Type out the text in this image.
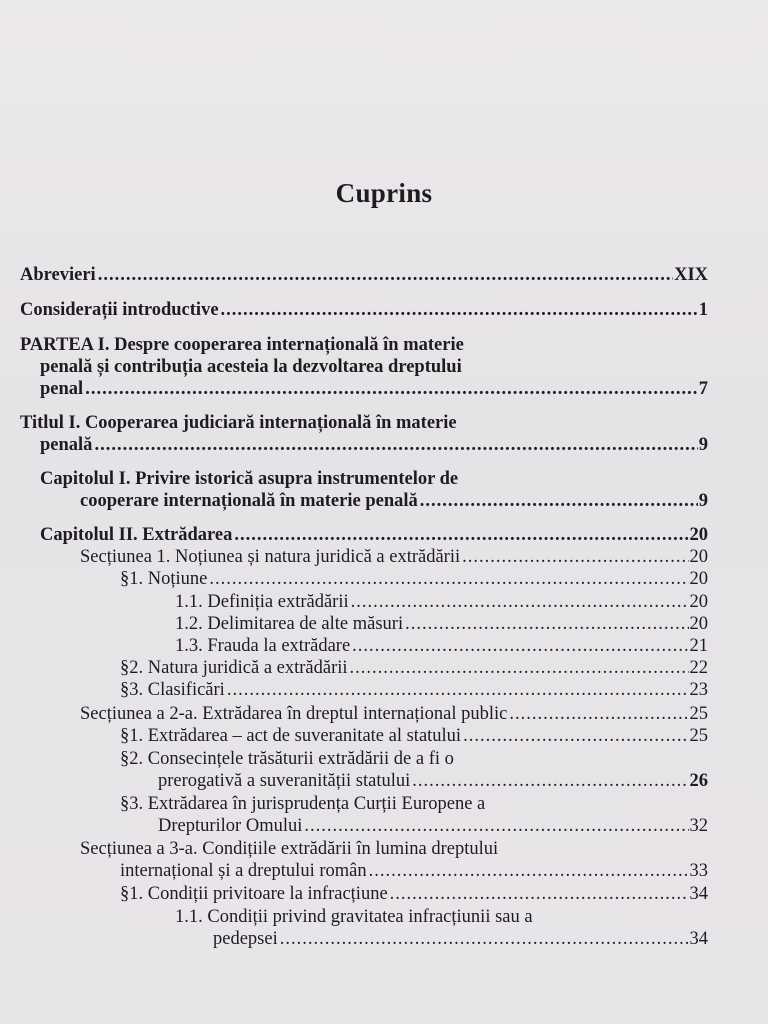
Cuprins
Abrevieri .....	XIX
Considerații introductive .....	1
PARTEA I. Despre cooperarea internațională în materie
penală și contribuția acesteia la dezvoltarea dreptului
penal .....	7
Titlul I. Cooperarea judiciară internațională în materie
penală .....	9
Capitolul I. Privire istorică asupra instrumentelor de
cooperare internațională în materie penală .....	9
Capitolul II. Extrădarea .....	20
Secțiunea 1. Noțiunea și natura juridică a extrădării .....	20
§1. Noțiune .....	20
1.1. Definiția extrădării .....	20
1.2. Delimitarea de alte măsuri .....	20
1.3. Frauda la extrădare .....	21
§2. Natura juridică a extrădării .....	22
§3. Clasificări .....	23
Secțiunea a 2-a. Extrădarea în dreptul internațional public .....	25
§1. Extrădarea – act de suveranitate al statului .....	25
§2. Consecințele trăsăturii extrădării de a fi o
prerogativă a suveranității statului .....	26
§3. Extrădarea în jurisprudența Curții Europene a
Drepturilor Omului .....	32
Secțiunea a 3-a. Condițiile extrădării în lumina dreptului
internațional și a dreptului român .....	33
§1. Condiții privitoare la infracțiune .....	34
1.1. Condiții privind gravitatea infracțiunii sau a
pedepsei .....	34
